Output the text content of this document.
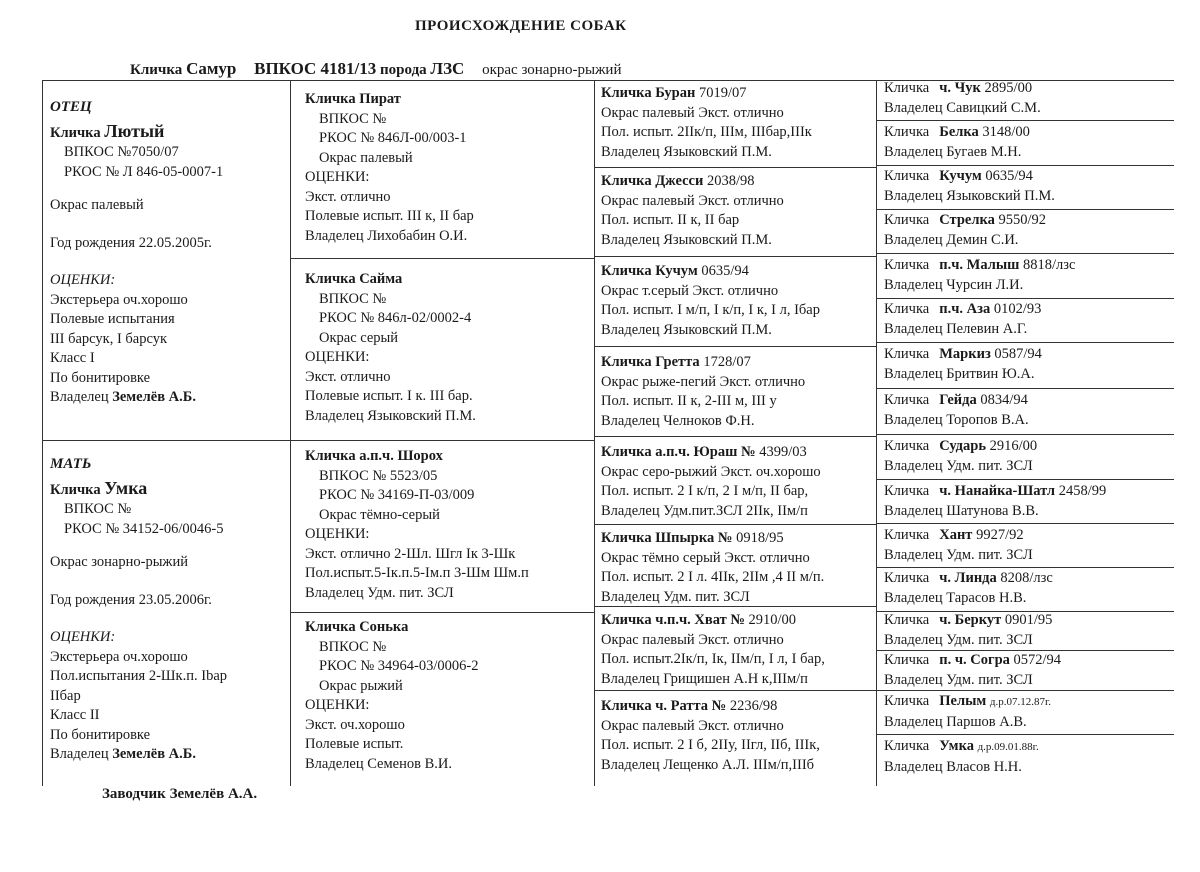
ПРОИСХОЖДЕНИЕ СОБАК
Кличка Самур ВПКОС 4181/13 порода ЛЗС окрас зонарно-рыжий
ОТЕЦ
Кличка Лютый
ВПКОС №7050/07
РКОС № Л 846-05-0007-1
Окрас палевый
Год рождения 22.05.2005г.
ОЦЕНКИ:
Экстерьера оч.хорошо
Полевые испытания
III барсук, I барсук
Класс I
По бонитировке
Владелец Земелёв А.Б.
МАТЬ
Кличка Умка
ВПКОС №
РКОС № 34152-06/0046-5
Окрас зонарно-рыжий
Год рождения 23.05.2006г.
ОЦЕНКИ:
Экстерьера оч.хорошо
Пол.испытания 2-Шк.п. Ibар
IIбар
Класс II
По бонитировке
Владелец Земелёв А.Б.
Заводчик Земелёв А.А.
Кличка Пират
ВПКОС №
РКОС № 846Л-00/003-1
Окрас палевый
ОЦЕНКИ:
Экст. отлично
Полевые испыт. III к, II бар
Владелец Лихобабин О.И.
Кличка Сайма
ВПКОС №
РКОС № 846л-02/0002-4
Окрас серый
ОЦЕНКИ:
Экст. отлично
Полевые испыт. I к. III бар.
Владелец Языковский П.М.
Кличка а.п.ч. Шорох
ВПКОС № 5523/05
РКОС № 34169-П-03/009
Окрас тёмно-серый
ОЦЕНКИ:
Экст. отлично 2-Шл. Шгл Iк 3-Шк
Пол.испыт.5-Iк.п.5-Iм.п 3-Шм Шм.п
Владелец Удм. пит. ЗСЛ
Кличка Сонька
ВПКОС №
РКОС № 34964-03/0006-2
Окрас рыжий
ОЦЕНКИ:
Экст. оч.хорошо
Полевые испыт.
Владелец Семенов В.И.
Кличка Буран 7019/07
Окрас палевый Экст. отлично
Пол. испыт. 2IIк/п, IIIм, IIIбар,IIIк
Владелец Языковский П.М.
Кличка Джесси 2038/98
Окрас палевый Экст. отлично
Пол. испыт. II к, II бар
Владелец Языковский П.М.
Кличка Кучум 0635/94
Окрас т.серый Экст. отлично
Пол. испыт. I м/п, I к/п, I к, I л, Iбар
Владелец Языковский П.М.
Кличка Гретта 1728/07
Окрас рыже-пегий Экст. отлично
Пол. испыт. II к, 2-III м, III у
Владелец Челноков Ф.Н.
Кличка а.п.ч. Юраш № 4399/03
Окрас серо-рыжий Экст. оч.хорошо
Пол. испыт. 2 I к/п, 2 I м/п, II бар,
Владелец Удм.пит.ЗСЛ 2IIк, IIм/п
Кличка Шпырка № 0918/95
Окрас тёмно серый Экст. отлично
Пол. испыт. 2 I л. 4IIк, 2IIм ,4 II м/п.
Владелец Удм. пит. ЗСЛ
Кличка ч.п.ч. Хват № 2910/00
Окрас палевый Экст. отлично
Пол. испыт.2Iк/п, Iк, IIм/п, I л, I бар,
Владелец Грищишен А.Н к,IIIм/п
Кличка ч. Ратта № 2236/98
Окрас палевый Экст. отлично
Пол. испыт. 2 I б, 2IIу, IIгл, IIб, IIIк,
Владелец Лещенко А.Л. IIIм/п,IIIб
Кличка ч. Чук 2895/00
Владелец Савицкий С.М.
Кличка Белка 3148/00
Владелец Бугаев М.Н.
Кличка Кучум 0635/94
Владелец Языковский П.М.
Кличка Стрелка 9550/92
Владелец Демин С.И.
Кличка п.ч. Малыш 8818/лзс
Владелец Чурсин Л.И.
Кличка п.ч. Аза 0102/93
Владелец Пелевин А.Г.
Кличка Маркиз 0587/94
Владелец Бритвин Ю.А.
Кличка Гейда 0834/94
Владелец Торопов В.А.
Кличка Сударь 2916/00
Владелец Удм. пит. ЗСЛ
Кличка ч. Нанайка-Шатл 2458/99
Владелец Шатунова В.В.
Кличка Хант 9927/92
Владелец Удм. пит. ЗСЛ
Кличка ч. Линда 8208/лзс
Владелец Тарасов Н.В.
Кличка ч. Беркут 0901/95
Владелец Удм. пит. ЗСЛ
Кличка п. ч. Согра 0572/94
Владелец Удм. пит. ЗСЛ
Кличка Пелым д.р.07.12.87г.
Владелец Паршов А.В.
Кличка Умка д.р.09.01.88г.
Владелец Власов Н.Н.
